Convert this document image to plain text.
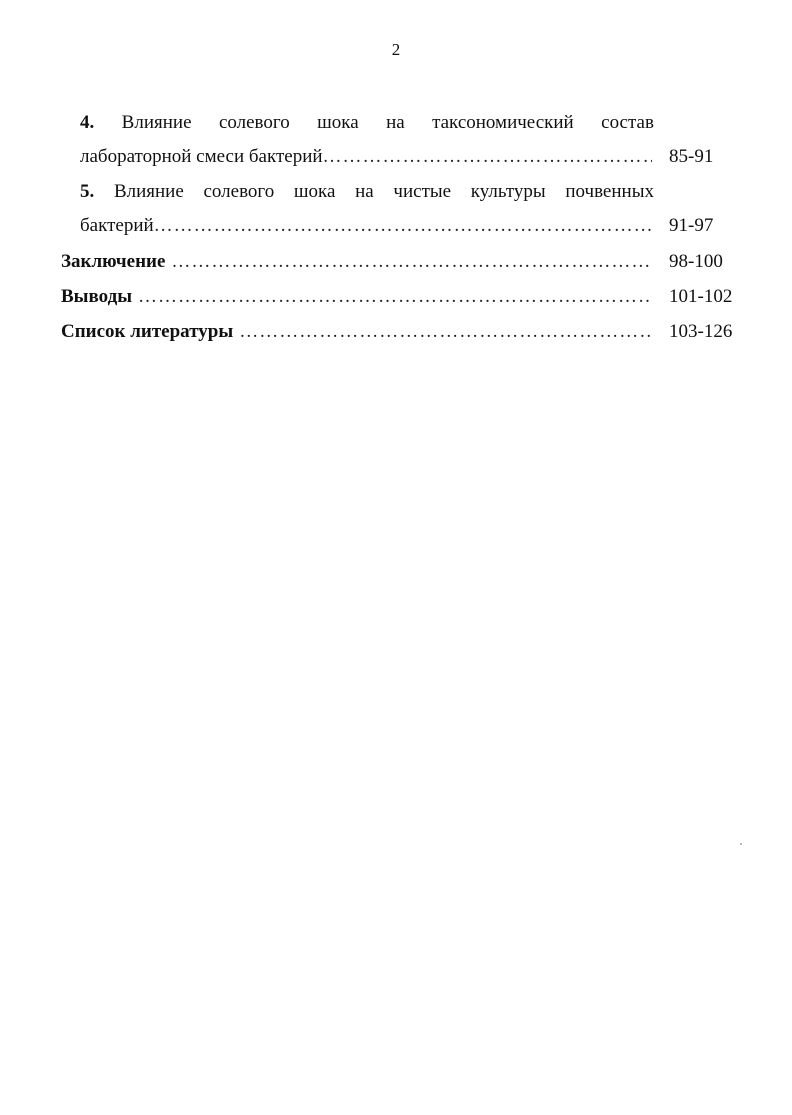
2
4. Влияние солевого шока на таксономический состав
лабораторной смеси бактерий ……………………………………………………………………………………………………………………………………………………	85-91
5. Влияние солевого шока на чистые культуры почвенных
бактерий ……………………………………………………………………………………………………………………………………………………	91-97
Заключение ……………………………………………………………………………………………………………………………………………………	98-100
Выводы ……………………………………………………………………………………………………………………………………………………	101-102
Список литературы ……………………………………………………………………………………………………………………………………………………	103-126
